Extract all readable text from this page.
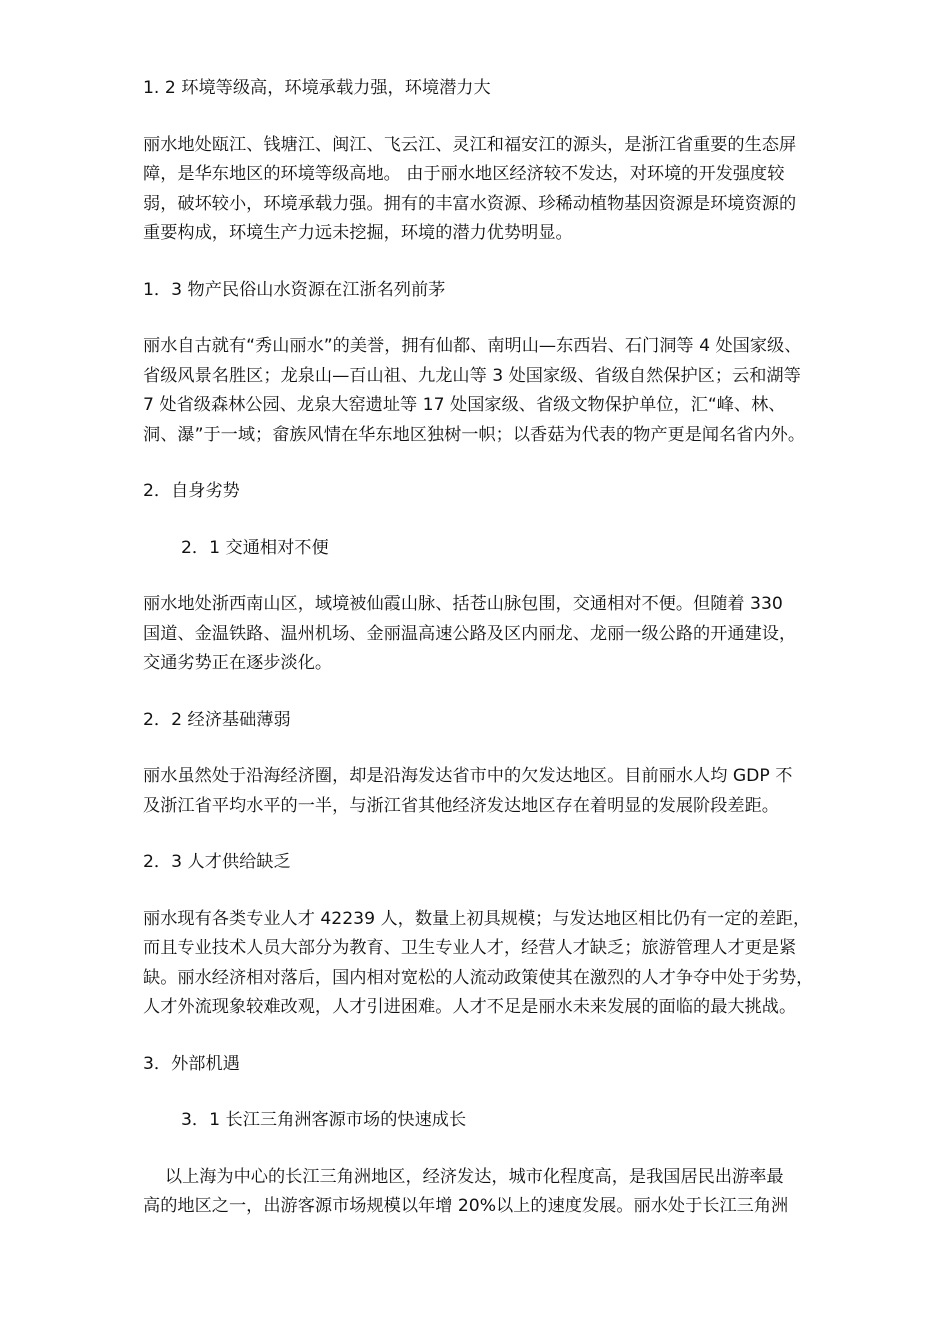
1. 2 环境等级高，环境承载力强，环境潜力大

丽水地处瓯江、钱塘江、闽江、飞云江、灵江和福安江的源头，是浙江省重要的生态屏

障，是华东地区的环境等级高地。 由于丽水地区经济较不发达，对环境的开发强度较

弱，破坏较小，环境承载力强。拥有的丰富水资源、珍稀动植物基因资源是环境资源的

重要构成，环境生产力远未挖掘，环境的潜力优势明显。

1．3 物产民俗山水资源在江浙名列前茅

丽水自古就有“秀山丽水”的美誉，拥有仙都、南明山—东西岩、石门洞等 4 处国家级、

省级风景名胜区；龙泉山—百山祖、九龙山等 3 处国家级、省级自然保护区；云和湖等

7 处省级森林公园、龙泉大窑遗址等 17 处国家级、省级文物保护单位，汇“峰、林、

洞、瀑”于一域；畲族风情在华东地区独树一帜；以香菇为代表的物产更是闻名省内外。

2．自身劣势

2．1 交通相对不便

丽水地处浙西南山区，域境被仙霞山脉、括苍山脉包围，交通相对不便。但随着 330

国道、金温铁路、温州机场、金丽温高速公路及区内丽龙、龙丽一级公路的开通建设，

交通劣势正在逐步淡化。

2．2 经济基础薄弱

丽水虽然处于沿海经济圈，却是沿海发达省市中的欠发达地区。目前丽水人均 GDP 不

及浙江省平均水平的一半，与浙江省其他经济发达地区存在着明显的发展阶段差距。

2．3 人才供给缺乏

丽水现有各类专业人才 42239 人，数量上初具规模；与发达地区相比仍有一定的差距，

而且专业技术人员大部分为教育、卫生专业人才，经营人才缺乏；旅游管理人才更是紧

缺。丽水经济相对落后，国内相对宽松的人流动政策使其在激烈的人才争夺中处于劣势，

人才外流现象较难改观，人才引进困难。人才不足是丽水未来发展的面临的最大挑战。

3．外部机遇

3．1 长江三角洲客源市场的快速成长

以上海为中心的长江三角洲地区，经济发达，城市化程度高，是我国居民出游率最

高的地区之一，出游客源市场规模以年增 20%以上的速度发展。丽水处于长江三角洲
